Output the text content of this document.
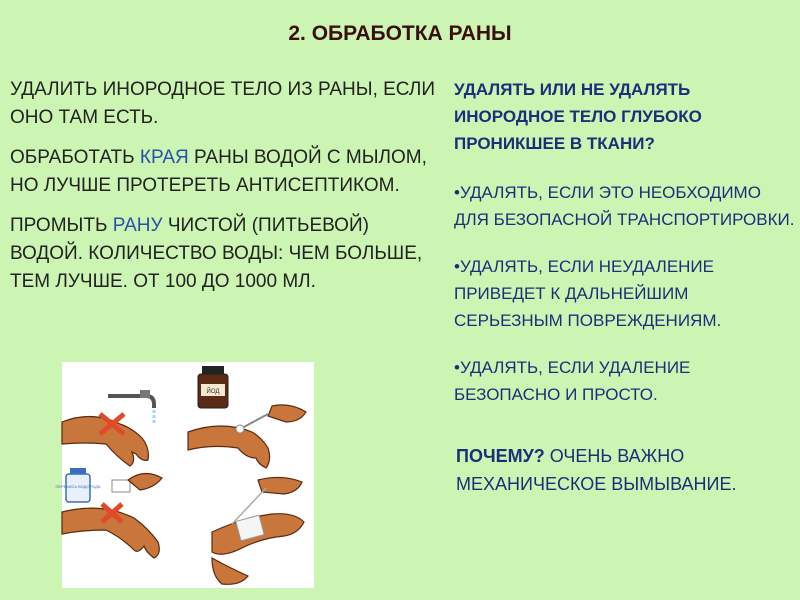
2. ОБРАБОТКА РАНЫ

УДАЛИТЬ ИНОРОДНОЕ ТЕЛО ИЗ РАНЫ, ЕСЛИ ОНО ТАМ ЕСТЬ.

ОБРАБОТАТЬ КРАЯ РАНЫ ВОДОЙ С МЫЛОМ, НО ЛУЧШЕ ПРОТЕРЕТЬ АНТИСЕПТИКОМ.

ПРОМЫТЬ РАНУ ЧИСТОЙ (ПИТЬЕВОЙ) ВОДОЙ. КОЛИЧЕСТВО ВОДЫ: ЧЕМ БОЛЬШЕ, ТЕМ ЛУЧШЕ. ОТ 100 ДО 1000 МЛ.

УДАЛЯТЬ ИЛИ НЕ УДАЛЯТЬ ИНОРОДНОЕ ТЕЛО ГЛУБОКО ПРОНИКШЕЕ В ТКАНИ?
•УДАЛЯТЬ, ЕСЛИ ЭТО НЕОБХОДИМО ДЛЯ БЕЗОПАСНОЙ ТРАНСПОРТИРОВКИ.
•УДАЛЯТЬ, ЕСЛИ НЕУДАЛЕНИЕ ПРИВЕДЕТ К ДАЛЬНЕЙШИМ СЕРЬЕЗНЫМ ПОВРЕЖДЕНИЯМ.
•УДАЛЯТЬ, ЕСЛИ УДАЛЕНИЕ БЕЗОПАСНО И ПРОСТО.
ПОЧЕМУ? ОЧЕНЬ ВАЖНО МЕХАНИЧЕСКОЕ ВЫМЫВАНИЕ.
ЙОД
ПЕРЕКИСЬ ВОДОРОДА
